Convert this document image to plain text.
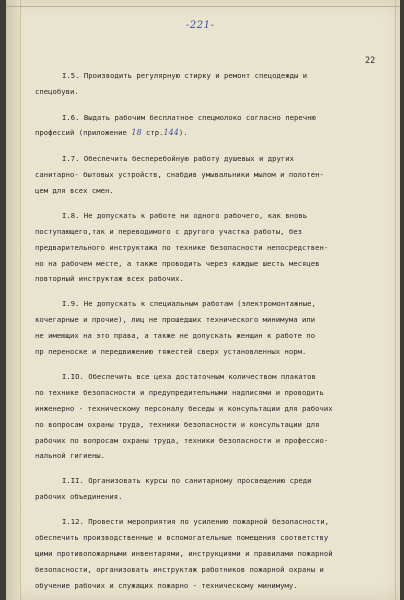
-221-
22
I.5. Производить регулярную стирку и ремонт спецодежды и
спецобуви.
I.6. Выдать рабочим бесплатное спецмолоко согласно перечню
профессий (приложение 18 стр.144).
I.7. Обеспечить бесперебойную работу душевых и других
санитарно- бытовых устройств, снабдив умывальники мылом и полотен-
цем для всех смен.
I.8. Не допускать к работе ни одного рабочего, как вновь
поступающего,так и переводимого с другого участка работы, без
предварительного инструктажа по технике безопасности непосредствен-
но на рабочем месте, а также проводить через каждые шесть месяцев
повторный инструктаж всех рабочих.
I.9. Не допускать к специальным работам (электромонтажные,
кочегарные и прочие), лиц не прошедших технического минимума или
не имеющих на это права, а также не допускать женщин к работе по
пр переноске и передвижению тяжестей сверх установленных норм.
I.IO. Обеспечить все цеха достаточным количеством плакатов
по технике безопасности и предупредительными надписями и проводить
инженерно - техническому персоналу беседы и консультации для рабочих
по вопросам охраны труда, техники безопасности и консультации для
рабочих по вопросам охраны труда, техники безопасности и профессио-
нальной гигиены.
I.II. Организовать курсы по санитарному просвещению среди
рабочих объединения.
I.12. Провести мероприятия по усилению пожарной безопасности,
обеспечить производственные и вспомогательные помещения соответству
щими противопожарными инвентарями, инструкциями и правилами пожарной
безопасности, организовать инструктаж работников пожарной охраны и
обучение рабочих и служащих пожарно - техническому минимуму.
